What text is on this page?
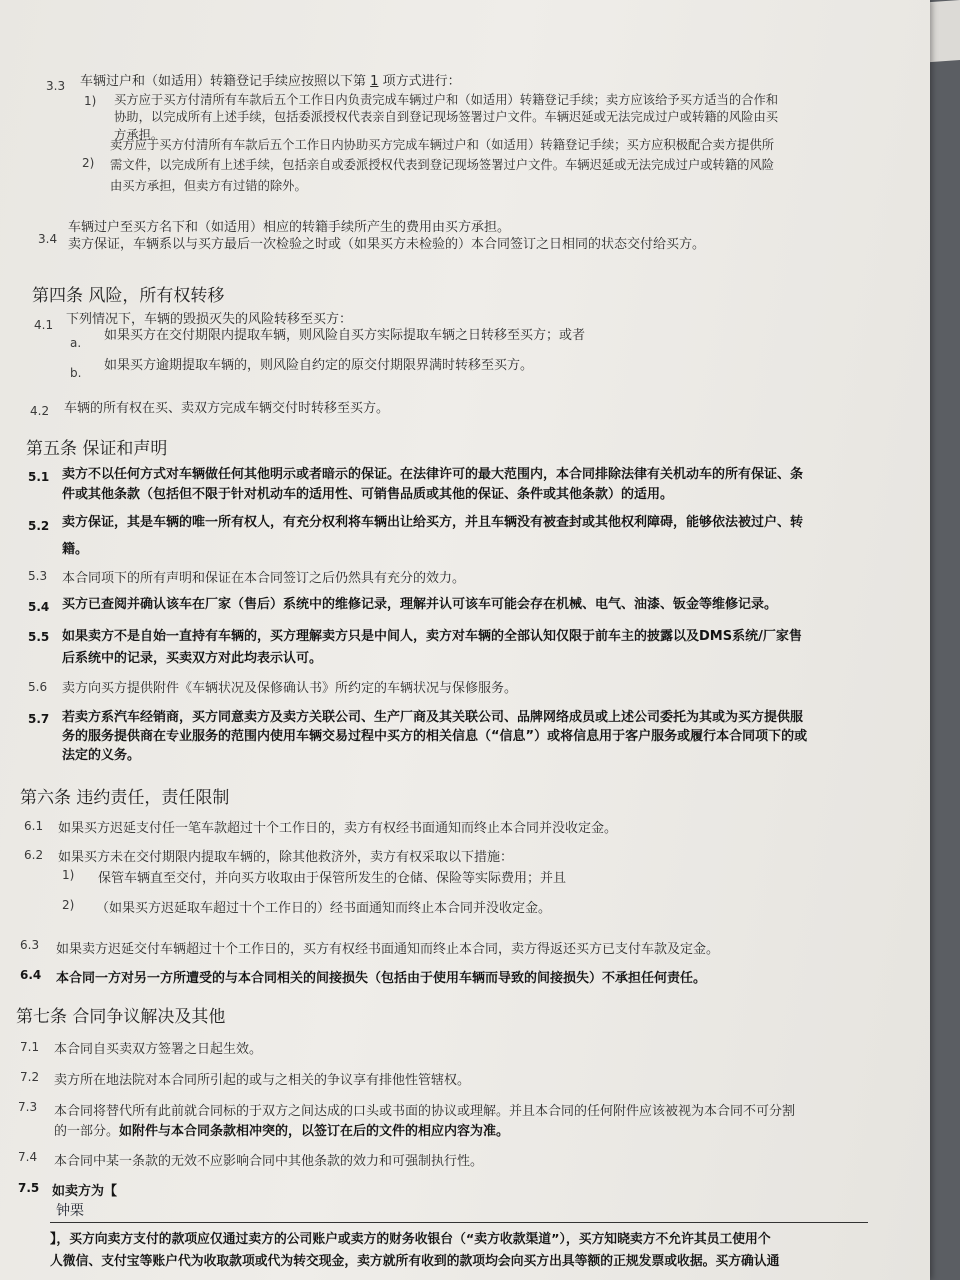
3.3 车辆过户和（如适用）转籍登记手续应按照以下第 1 项方式进行：
1) 买方应于买方付清所有车款后五个工作日内负责完成车辆过户和（如适用）转籍登记手续；卖方应该给予买方适当的合作和
协助，以完成所有上述手续，包括委派授权代表亲自到登记现场签署过户文件。车辆迟延或无法完成过户或转籍的风险由买
方承担。
2)
卖方应于买方付清所有车款后五个工作日内协助买方完成车辆过户和（如适用）转籍登记手续；买方应积极配合卖方提供所
需文件，以完成所有上述手续，包括亲自或委派授权代表到登记现场签署过户文件。车辆迟延或无法完成过户或转籍的风险
由买方承担，但卖方有过错的除外。
3.4
车辆过户至买方名下和（如适用）相应的转籍手续所产生的费用由买方承担。
卖方保证，车辆系以与买方最后一次检验之时或（如果买方未检验的）本合同签订之日相同的状态交付给买方。
第四条 风险，所有权转移
4.1 下列情况下，车辆的毁损灭失的风险转移至买方：
a. 如果买方在交付期限内提取车辆，则风险自买方实际提取车辆之日转移至买方；或者
b. 如果买方逾期提取车辆的，则风险自约定的原交付期限界满时转移至买方。
4.2 车辆的所有权在买、卖双方完成车辆交付时转移至买方。
第五条 保证和声明
5.1 卖方不以任何方式对车辆做任何其他明示或者暗示的保证。在法律许可的最大范围内，本合同排除法律有关机动车的所有保证、条
件或其他条款（包括但不限于针对机动车的适用性、可销售品质或其他的保证、条件或其他条款）的适用。
5.2 卖方保证，其是车辆的唯一所有权人，有充分权利将车辆出让给买方，并且车辆没有被查封或其他权利障碍，能够依法被过户、转
籍。
5.3 本合同项下的所有声明和保证在本合同签订之后仍然具有充分的效力。
5.4 买方已查阅并确认该车在厂家（售后）系统中的维修记录，理解并认可该车可能会存在机械、电气、油漆、钣金等维修记录。
5.5 如果卖方不是自始一直持有车辆的，买方理解卖方只是中间人，卖方对车辆的全部认知仅限于前车主的披露以及DMS系统/厂家售
后系统中的记录，买卖双方对此均表示认可。
5.6 卖方向买方提供附件《车辆状况及保修确认书》所约定的车辆状况与保修服务。
5.7 若卖方系汽车经销商，买方同意卖方及卖方关联公司、生产厂商及其关联公司、品牌网络成员或上述公司委托为其或为买方提供服
务的服务提供商在专业服务的范围内使用车辆交易过程中买方的相关信息（“信息”）或将信息用于客户服务或履行本合同项下的或
法定的义务。
第六条 违约责任，责任限制
6.1 如果买方迟延支付任一笔车款超过十个工作日的，卖方有权经书面通知而终止本合同并没收定金。
6.2 如果买方未在交付期限内提取车辆的，除其他救济外，卖方有权采取以下措施：
1) 保管车辆直至交付，并向买方收取由于保管所发生的仓储、保险等实际费用；并且
2) （如果买方迟延取车超过十个工作日的）经书面通知而终止本合同并没收定金。
6.3 如果卖方迟延交付车辆超过十个工作日的，买方有权经书面通知而终止本合同，卖方得返还买方已支付车款及定金。
6.4 本合同一方对另一方所遭受的与本合同相关的间接损失（包括由于使用车辆而导致的间接损失）不承担任何责任。
第七条 合同争议解决及其他
7.1 本合同自买卖双方签署之日起生效。
7.2 卖方所在地法院对本合同所引起的或与之相关的争议享有排他性管辖权。
7.3 本合同将替代所有此前就合同标的于双方之间达成的口头或书面的协议或理解。并且本合同的任何附件应该被视为本合同不可分割
的一部分。如附件与本合同条款相冲突的，以签订在后的文件的相应内容为准。
7.4 本合同中某一条款的无效不应影响合同中其他条款的效力和可强制执行性。
7.5 如卖方为【
钟栗
】，买方向卖方支付的款项应仅通过卖方的公司账户或卖方的财务收银台（“卖方收款渠道”），买方知晓卖方不允许其员工使用个
人微信、支付宝等账户代为收取款项或代为转交现金，卖方就所有收到的款项均会向买方出具等额的正规发票或收据。买方确认通
